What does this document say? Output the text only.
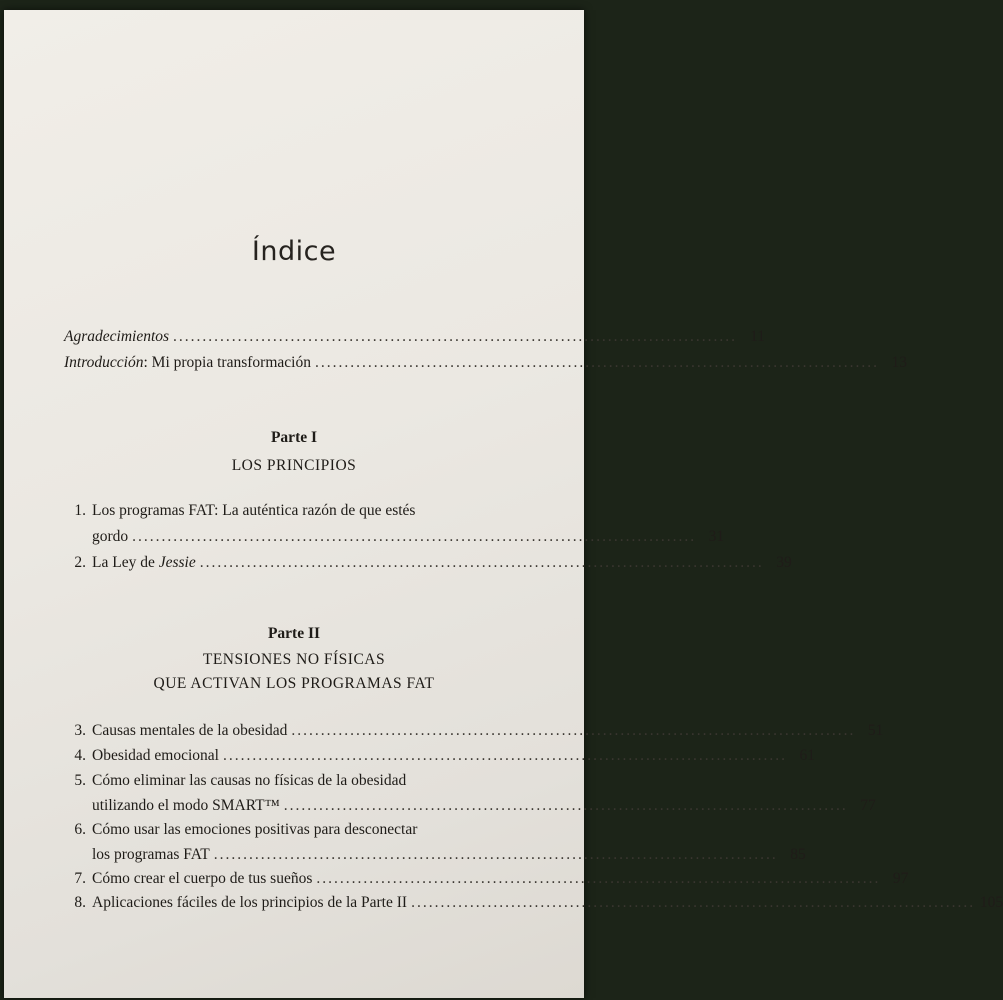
Índice
Agradecimientos ................................................................................................ 11
Introducción: Mi propia transformación ................................................................................................ 13
Parte I
LOS PRINCIPIOS
1. Los programas FAT: La auténtica razón de que estés
gordo ................................................................................................ 31
2. La Ley de Jessie ................................................................................................ 39
Parte II
TENSIONES NO FÍSICAS
QUE ACTIVAN LOS PROGRAMAS FAT
3. Causas mentales de la obesidad ................................................................................................ 51
4. Obesidad emocional ................................................................................................ 61
5. Cómo eliminar las causas no físicas de la obesidad
utilizando el modo SMART™ ................................................................................................ 77
6. Cómo usar las emociones positivas para desconectar
los programas FAT ................................................................................................ 85
7. Cómo crear el cuerpo de tus sueños ................................................................................................ 97
8. Aplicaciones fáciles de los principios de la Parte II ................................................................................................ 105
